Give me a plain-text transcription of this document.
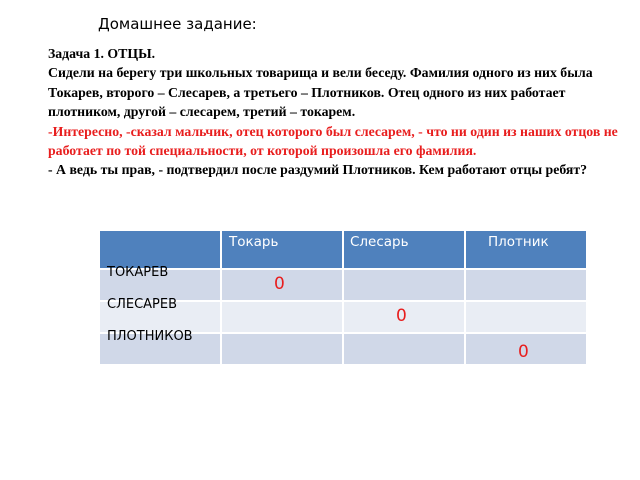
Домашнее задание:

Задача 1. ОТЦЫ.

Сидели на берегу три школьных товарища и вели беседу. Фамилия одного из них была Токарев, второго – Слесарев, а третьего – Плотников. Отец одного из них работает плотником, другой – слесарем, третий – токарем.

-Интересно, -сказал мальчик, отец которого был слесарем, - что ни один из наших отцов не работает по той специальности, от которой произошла его фамилия.

- А ведь ты прав, - подтвердил после раздумий Плотников. Кем работают отцы ребят?

	Токарь	Слесарь	Плотник

ТОКАРЕВ	0		

СЛЕСАРЕВ		0	

ПЛОТНИКОВ			0
